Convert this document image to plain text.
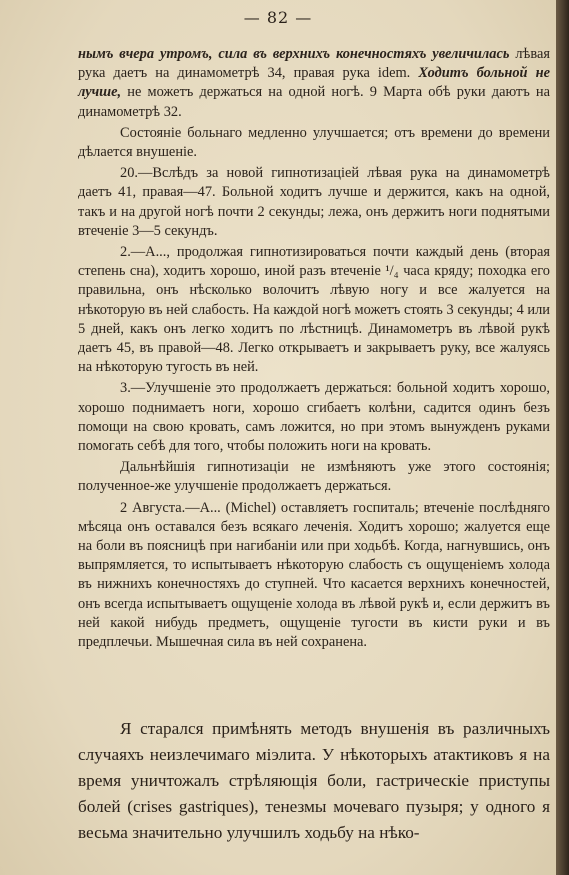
— 82 —

нымъ вчера утромъ, сила въ верхнихъ конечностяхъ увеличилась лѣвая рука даетъ на динамометрѣ 34, правая рука idem. Ходитъ больной не лучше, не можетъ держаться на одной ногѣ. 9 Марта обѣ руки даютъ на динамометрѣ 32.

Состояніе больнаго медленно улучшается; отъ времени до времени дѣлается внушеніе.

20.—Вслѣдъ за новой гипнотизаціей лѣвая рука на динамометрѣ даетъ 41, правая—47. Больной ходитъ лучше и держится, какъ на одной, такъ и на другой ногѣ почти 2 секунды; лежа, онъ держитъ ноги поднятыми втеченіе 3—5 секундъ.

2.—А..., продолжая гипнотизироваться почти каждый день (вторая степень сна), ходитъ хорошо, иной разъ втеченіе ¹/₄ часа кряду; походка его правильна, онъ нѣсколько волочитъ лѣвую ногу и все жалуется на нѣкоторую въ ней слабость. На каждой ногѣ можетъ стоять 3 секунды; 4 или 5 дней, какъ онъ легко ходитъ по лѣстницѣ. Динамометръ въ лѣвой рукѣ даетъ 45, въ правой—48. Легко открываетъ и закрываетъ руку, все жалуясь на нѣкоторую тугость въ ней.

3.—Улучшеніе это продолжаетъ держаться: больной ходитъ хорошо, хорошо поднимаетъ ноги, хорошо сгибаетъ колѣни, садится одинъ безъ помощи на свою кровать, самъ ложится, но при этомъ вынужденъ руками помогать себѣ для того, чтобы положить ноги на кровать.

Дальнѣйшія гипнотизаціи не измѣняютъ уже этого состоянія; полученное-же улучшеніе продолжаетъ держаться.

2 Августа.—А... (Michel) оставляетъ госпиталь; втеченіе послѣдняго мѣсяца онъ оставался безъ всякаго леченія. Ходитъ хорошо; жалуется еще на боли въ поясницѣ при нагибаніи или при ходьбѣ. Когда, нагнувшись, онъ выпрямляется, то испытываетъ нѣкоторую слабость съ ощущеніемъ холода въ нижнихъ конечностяхъ до ступней. Что касается верхнихъ конечностей, онъ всегда испытываетъ ощущеніе холода въ лѣвой рукѣ и, если держитъ въ ней какой нибудь предметъ, ощущеніе тугости въ кисти руки и въ предплечьи. Мышечная сила въ ней сохранена.

Я старался примѣнять методъ внушенія въ различныхъ случаяхъ неизлечимаго міэлита. У нѣкоторыхъ атактиковъ я на время уничтожалъ стрѣляющія боли, гастрическіе приступы болей (crises gastriques), тенезмы мочеваго пузыря; у одного я весьма значительно улучшилъ ходьбу на нѣко-
